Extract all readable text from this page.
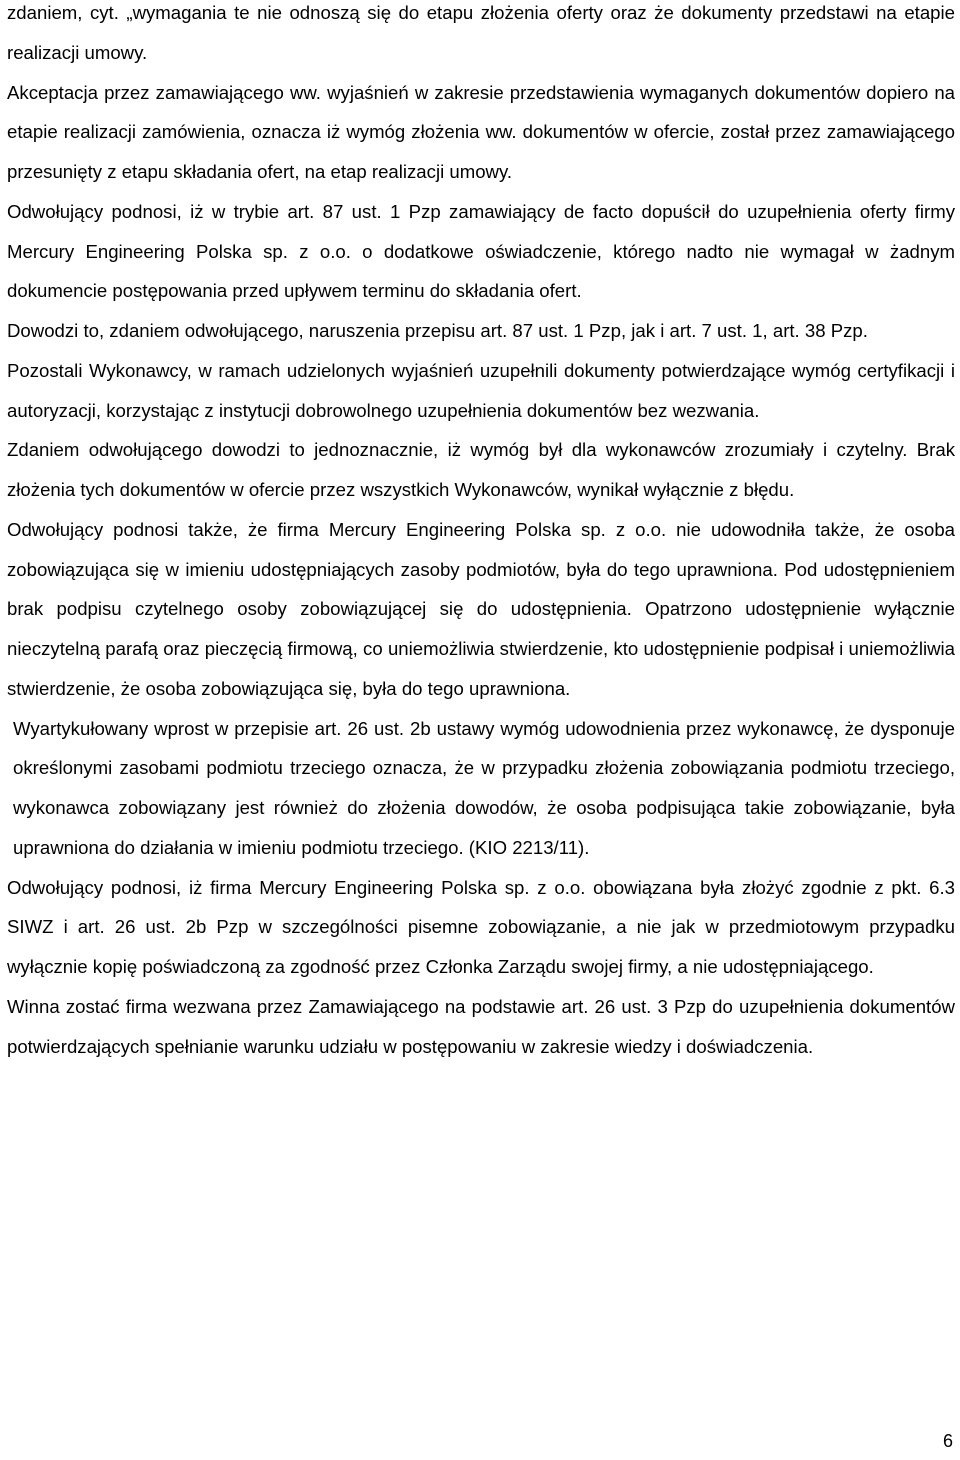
zdaniem, cyt. „wymagania te nie odnoszą się do etapu złożenia oferty oraz że dokumenty przedstawi na etapie realizacji umowy.

Akceptacja przez zamawiającego ww. wyjaśnień w zakresie przedstawienia wymaganych dokumentów dopiero na etapie realizacji zamówienia, oznacza iż wymóg złożenia ww. dokumentów w ofercie, został przez zamawiającego przesunięty z etapu składania ofert, na etap realizacji umowy.

Odwołujący podnosi, iż w trybie art. 87 ust. 1 Pzp zamawiający de facto dopuścił do uzupełnienia oferty firmy Mercury Engineering Polska sp. z o.o. o dodatkowe oświadczenie, którego nadto nie wymagał w żadnym dokumencie postępowania przed upływem terminu do składania ofert.

Dowodzi to, zdaniem odwołującego, naruszenia przepisu art. 87 ust. 1 Pzp, jak i art. 7 ust. 1, art. 38 Pzp.

Pozostali Wykonawcy, w ramach udzielonych wyjaśnień uzupełnili dokumenty potwierdzające wymóg certyfikacji i autoryzacji, korzystając z instytucji dobrowolnego uzupełnienia dokumentów bez wezwania.

Zdaniem odwołującego dowodzi to jednoznacznie, iż wymóg był dla wykonawców zrozumiały i czytelny. Brak złożenia tych dokumentów w ofercie przez wszystkich Wykonawców, wynikał wyłącznie z błędu.

Odwołujący podnosi także, że firma Mercury Engineering Polska sp. z o.o. nie udowodniła także, że osoba zobowiązująca się w imieniu udostępniających zasoby podmiotów, była do tego uprawniona. Pod udostępnieniem brak podpisu czytelnego osoby zobowiązującej się do udostępnienia. Opatrzono udostępnienie wyłącznie nieczytelną parafą oraz pieczęcią firmową, co uniemożliwia stwierdzenie, kto udostępnienie podpisał i uniemożliwia stwierdzenie, że osoba zobowiązująca się, była do tego uprawniona.

Wyartykułowany wprost w przepisie art. 26 ust. 2b ustawy wymóg udowodnienia przez wykonawcę, że dysponuje określonymi zasobami podmiotu trzeciego oznacza, że w przypadku złożenia zobowiązania podmiotu trzeciego, wykonawca zobowiązany jest również do złożenia dowodów, że osoba podpisująca takie zobowiązanie, była uprawniona do działania w imieniu podmiotu trzeciego. (KIO 2213/11).

Odwołujący podnosi, iż firma Mercury Engineering Polska sp. z o.o. obowiązana była złożyć zgodnie z pkt. 6.3 SIWZ i art. 26 ust. 2b Pzp w szczególności pisemne zobowiązanie, a nie jak w przedmiotowym przypadku wyłącznie kopię poświadczoną za zgodność przez Członka Zarządu swojej firmy, a nie udostępniającego.

Winna zostać firma wezwana przez Zamawiającego na podstawie art. 26 ust. 3 Pzp do uzupełnienia dokumentów potwierdzających spełnianie warunku udziału w postępowaniu w zakresie wiedzy i doświadczenia.

6
